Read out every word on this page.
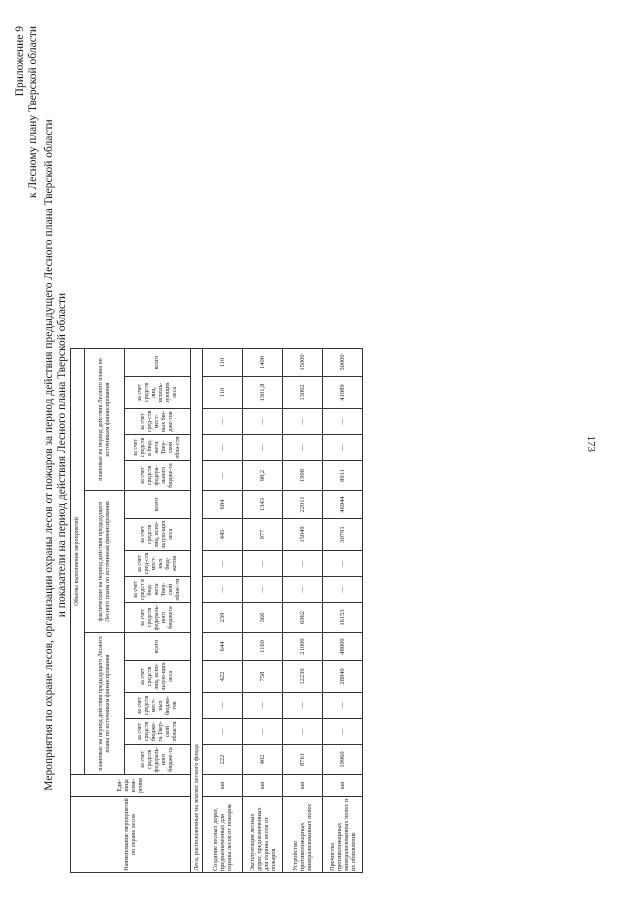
173
Приложение 9 к Лесному плану Тверской области
Мероприятия по охране лесов, организации охраны лесов от пожаров за период действия предыдущего Лесного плана Тверской области и показатели на период действия Лесного плана Тверской области
Наименование мероприятий по охране лесов	Еди-ница изме-рения	Объемы выполнения мероприятий														
		плановые на период действия предыдущего Лесного плана по источникам финансирования					фактические на период действия предыдущего Лесного плана по источникам финансирования					плановые на период действия Лесного плана по источникам финансирования				
		за счет средств федераль-ного бюдже-та	за счет средств бюдже-та Твер-ской области	за счет средств мест-ных бюдже-тов	за счет средств лиц, испо-льзую-щих леса	всего	за счет средств федераль-ного бюджета	за счет средст в бюд-жета Твер-ской облас-ти	за счет сред-ств мест-ных бюд-жетов	за счет средств лиц, испо-льзую-щих леса	всего	за счет средств федера-льного бюдже-та	за счет средств в бюд-жета Твер-ской обла-сти	за счет сред-ств мест-ных бю-дже-тов	за счет средств лиц, исполь-зующих леса	всего
Леса, расположенные на землях лесного фонда																
Создание лесных дорог, предназначенных для охраны лесов от пожаров	км	222	—	—	422	644	239	—	—	445	684	—	—	—	110	110
Эксплуатация лесных дорог, предназначенных для охраны лесов от пожаров	км	402	—	—	758	1160	366	—	—	977	1343	98,2	—	—	1301,8	1400
Устройство противопожарных минерализованных полос	км	8761	—	—	12239	21000	6962	—	—	15049	22011	1998	—	—	13002	15000
Прочистка противопожарных минерализованных полос и их обновление	км	19960	—	—	28840	48800	16153	—	—	30791	46944	8911	—	—	41089	50000
